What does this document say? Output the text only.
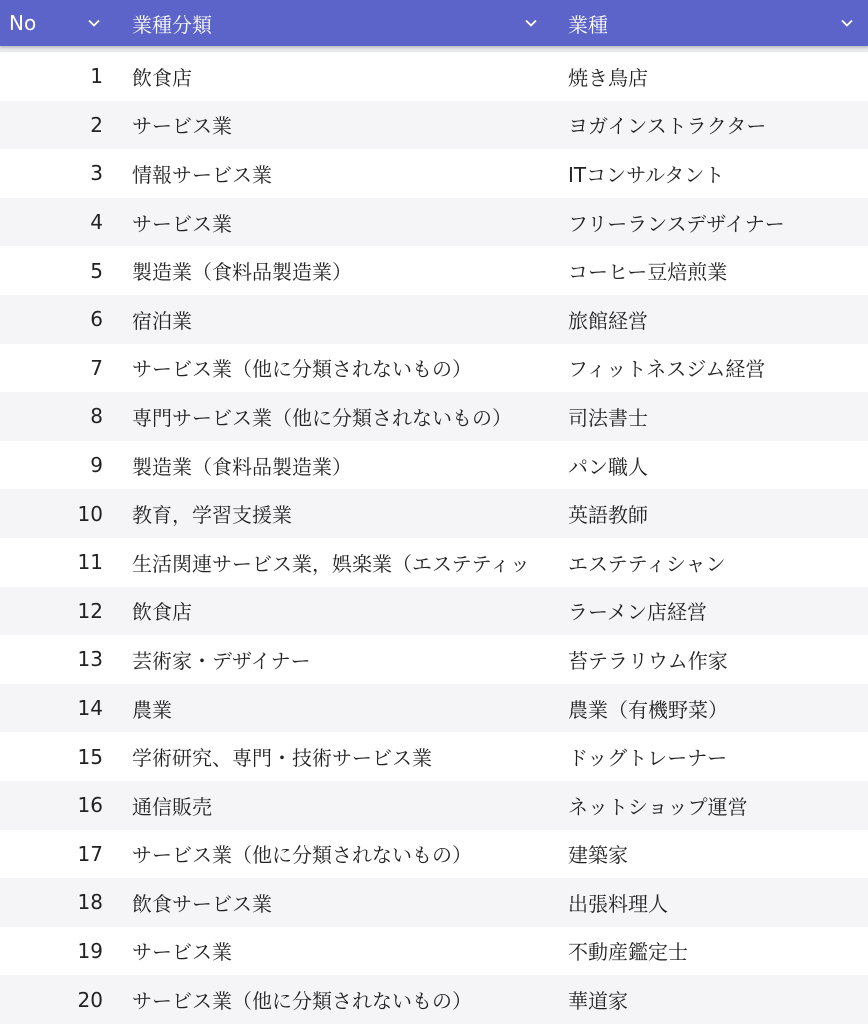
No	業種分類	業種
1	飲食店	焼き鳥店
2	サービス業	ヨガインストラクター
3	情報サービス業	ITコンサルタント
4	サービス業	フリーランスデザイナー
5	製造業（食料品製造業）	コーヒー豆焙煎業
6	宿泊業	旅館経営
7	サービス業（他に分類されないもの）	フィットネスジム経営
8	専門サービス業（他に分類されないもの）	司法書士
9	製造業（食料品製造業）	パン職人
10	教育，学習支援業	英語教師
11	生活関連サービス業，娯楽業（エステティッ	エステティシャン
12	飲食店	ラーメン店経営
13	芸術家・デザイナー	苔テラリウム作家
14	農業	農業（有機野菜）
15	学術研究、専門・技術サービス業	ドッグトレーナー
16	通信販売	ネットショップ運営
17	サービス業（他に分類されないもの）	建築家
18	飲食サービス業	出張料理人
19	サービス業	不動産鑑定士
20	サービス業（他に分類されないもの）	華道家
